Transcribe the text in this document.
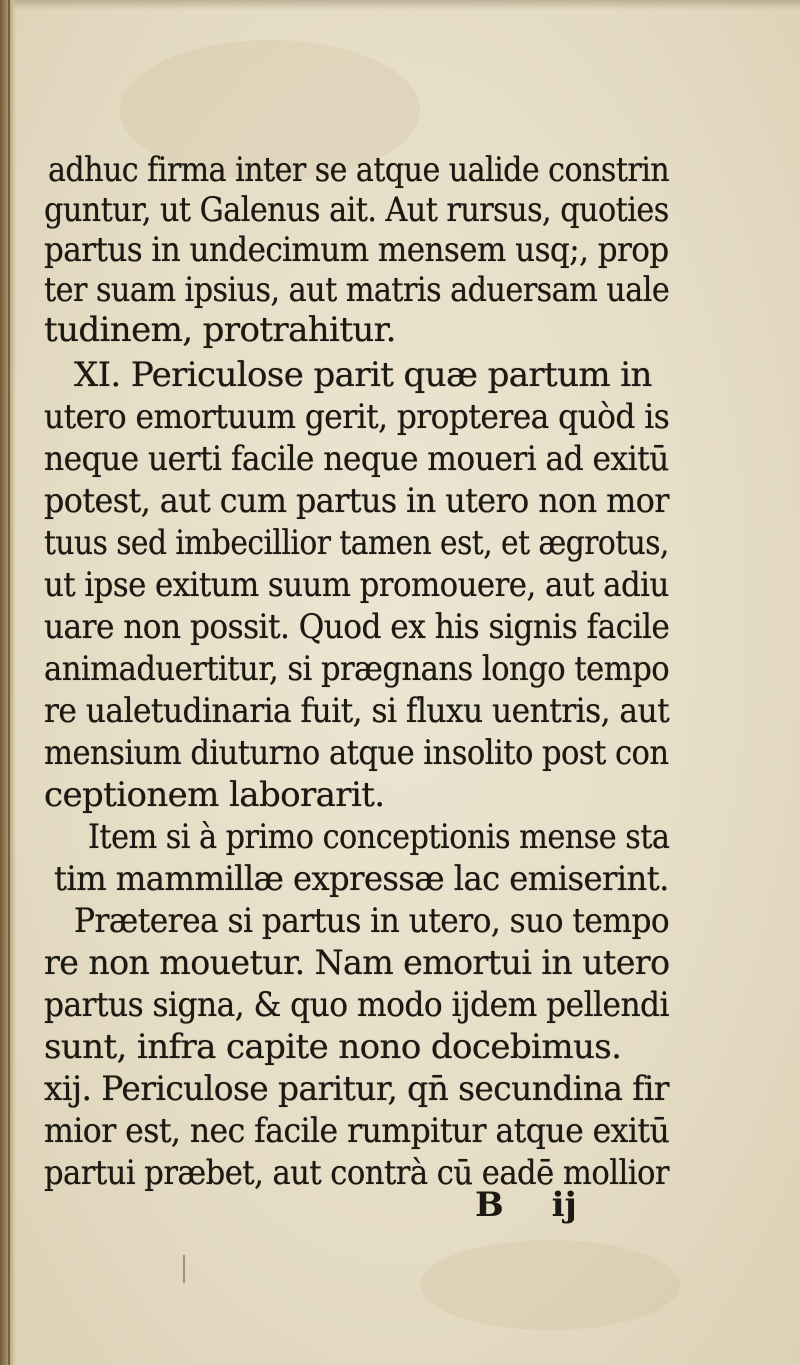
adhuc firma inter se atque ualide constrin
guntur, ut Galenus ait. Aut rursus, quoties
partus in undecimum mensem usq;, prop
ter suam ipsius, aut matris aduersam uale
tudinem, protrahitur.
XI. Periculose parit quæ partum in
utero emortuum gerit, propterea quòd is
neque uerti facile neque moueri ad exitū
potest, aut cum partus in utero non mor
tuus sed imbecillior tamen est, et ægrotus,
ut ipse exitum suum promouere, aut adiu
uare non possit. Quod ex his signis facile
animaduertitur, si prægnans longo tempo
re ualetudinaria fuit, si fluxu uentris, aut
mensium diuturno atque insolito post con
ceptionem laborarit.
Item si à primo conceptionis mense sta
tim mammillæ expressæ lac emiserint.
Præterea si partus in utero, suo tempo
re non mouetur. Nam emortui in utero
partus signa, & quo modo ijdem pellendi
sunt, infra capite nono docebimus.
xij. Periculose paritur, qn̄ secundina fir
mior est, nec facile rumpitur atque exitū
partui præbet, aut contrà cū eadē mollior
B ij
